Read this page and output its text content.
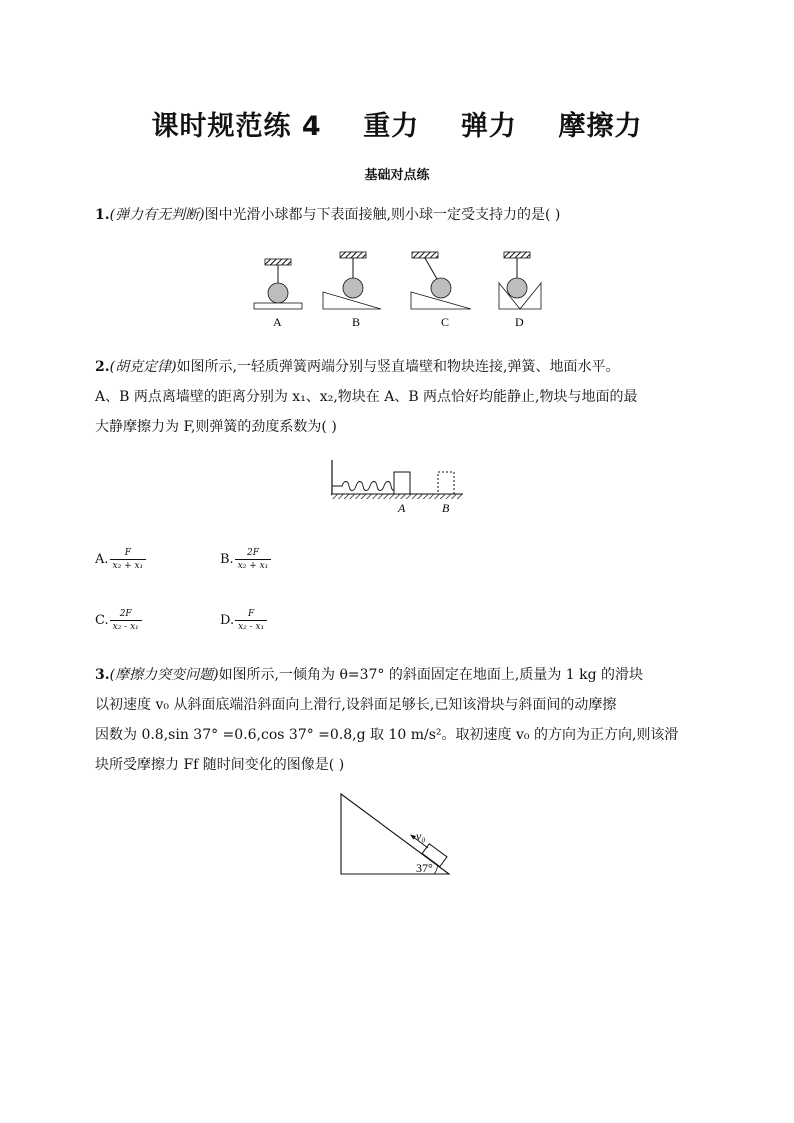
课时规范练 4    重力    弹力    摩擦力
基础对点练
1.(弹力有无判断)图中光滑小球都与下表面接触,则小球一定受支持力的是( )
A	B	C	D
2.(胡克定律)如图所示,一轻质弹簧两端分别与竖直墙壁和物块连接,弹簧、地面水平。
A、B 两点离墙壁的距离分别为 x₁、x₂,物块在 A、B 两点恰好均能静止,物块与地面的最
大静摩擦力为 F,则弹簧的劲度系数为( )
A	B
A. $\frac{F}{\text{x₂ + x₁}}$	B. $\frac{2F}{\text{x₂ + x₁}}$
C. $\frac{2F}{\text{x₂ - x₁}}$	D. $\frac{F}{\text{x₂ - x₁}}$
3.(摩擦力突变问题)如图所示,一倾角为 θ=37° 的斜面固定在地面上,质量为 1 kg 的滑块
以初速度 v₀ 从斜面底端沿斜面向上滑行,设斜面足够长,已知该滑块与斜面间的动摩擦
因数为 0.8,sin 37° =0.6,cos 37° =0.8,g 取 10 m/s²。取初速度 v₀ 的方向为正方向,则该滑
块所受摩擦力 Ff 随时间变化的图像是( )
v₀
37°
